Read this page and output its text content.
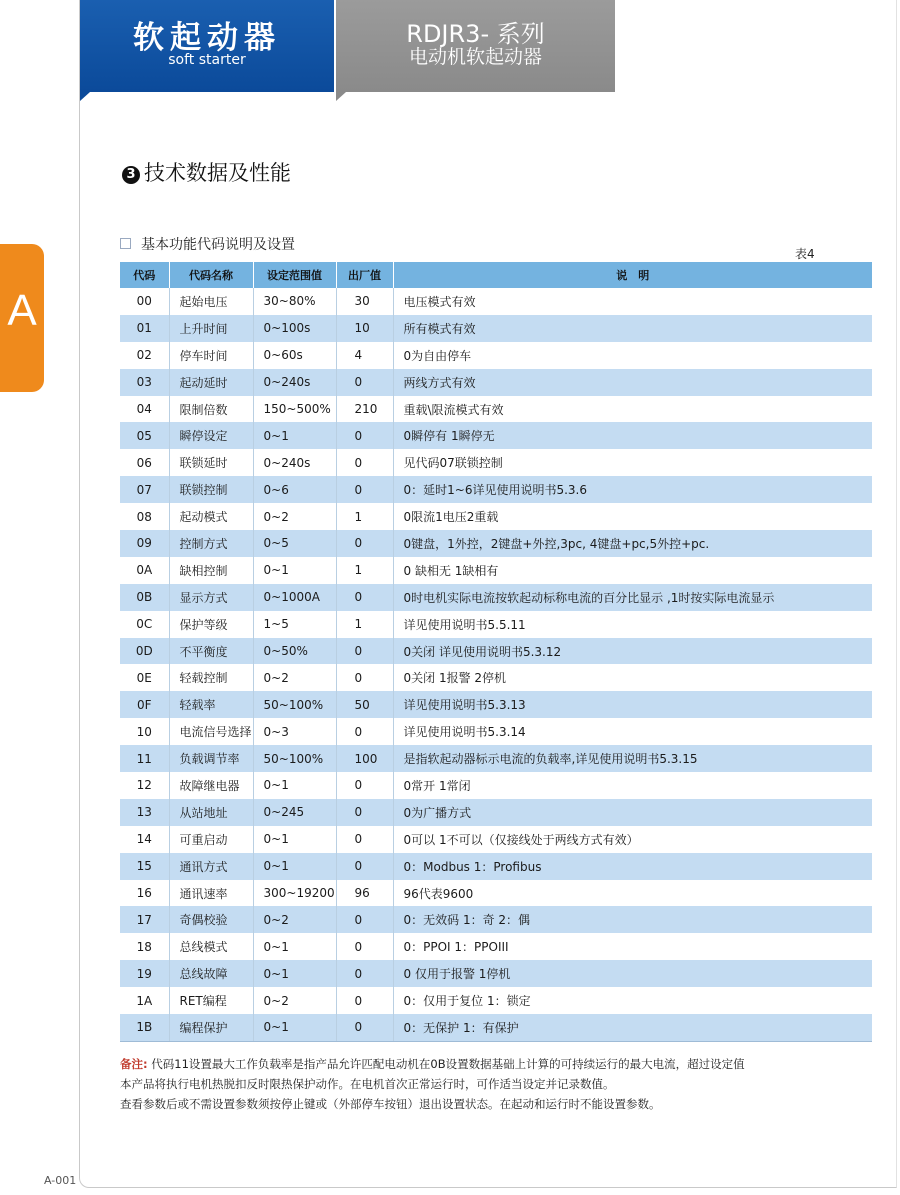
软起动器
soft starter
RDJR3- 系列
电动机软起动器
A
3 技术数据及性能
基本功能代码说明及设置
表4
代码	代码名称	设定范围值	出厂值	说　明
00	起始电压	30~80%	30	电压模式有效
01	上升时间	0~100s	10	所有模式有效
02	停车时间	0~60s	4	0为自由停车
03	起动延时	0~240s	0	两线方式有效
04	限制倍数	150~500%	210	重载\限流模式有效
05	瞬停设定	0~1	0	0瞬停有 1瞬停无
06	联锁延时	0~240s	0	见代码07联锁控制
07	联锁控制	0~6	0	0：延时1~6详见使用说明书5.3.6
08	起动模式	0~2	1	0限流1电压2重载
09	控制方式	0~5	0	0键盘，1外控，2键盘+外控,3pc, 4键盘+pc,5外控+pc.
0A	缺相控制	0~1	1	0 缺相无 1缺相有
0B	显示方式	0~1000A	0	0时电机实际电流按软起动标称电流的百分比显示 ,1时按实际电流显示
0C	保护等级	1~5	1	详见使用说明书5.5.11
0D	不平衡度	0~50%	0	0关闭 详见使用说明书5.3.12
0E	轻载控制	0~2	0	0关闭 1报警 2停机
0F	轻载率	50~100%	50	详见使用说明书5.3.13
10	电流信号选择	0~3	0	详见使用说明书5.3.14
11	负载调节率	50~100%	100	是指软起动器标示电流的负载率,详见使用说明书5.3.15
12	故障继电器	0~1	0	0常开 1常闭
13	从站地址	0~245	0	0为广播方式
14	可重启动	0~1	0	0可以 1不可以（仅接线处于两线方式有效）
15	通讯方式	0~1	0	0：Modbus 1：Profibus
16	通讯速率	300~19200	96	96代表9600
17	奇偶校验	0~2	0	0：无效码 1：奇 2：偶
18	总线模式	0~1	0	0：PPOI 1：PPOIII
19	总线故障	0~1	0	0 仅用于报警 1停机
1A	RET编程	0~2	0	0：仅用于复位 1：锁定
1B	编程保护	0~1	0	0：无保护 1：有保护
备注: 代码11设置最大工作负载率是指产品允许匹配电动机在0B设置数据基础上计算的可持续运行的最大电流，超过设定值
本产品将执行电机热脱扣反时限热保护动作。在电机首次正常运行时，可作适当设定并记录数值。
查看参数后或不需设置参数须按停止键或（外部停车按钮）退出设置状态。在起动和运行时不能设置参数。
A-001
